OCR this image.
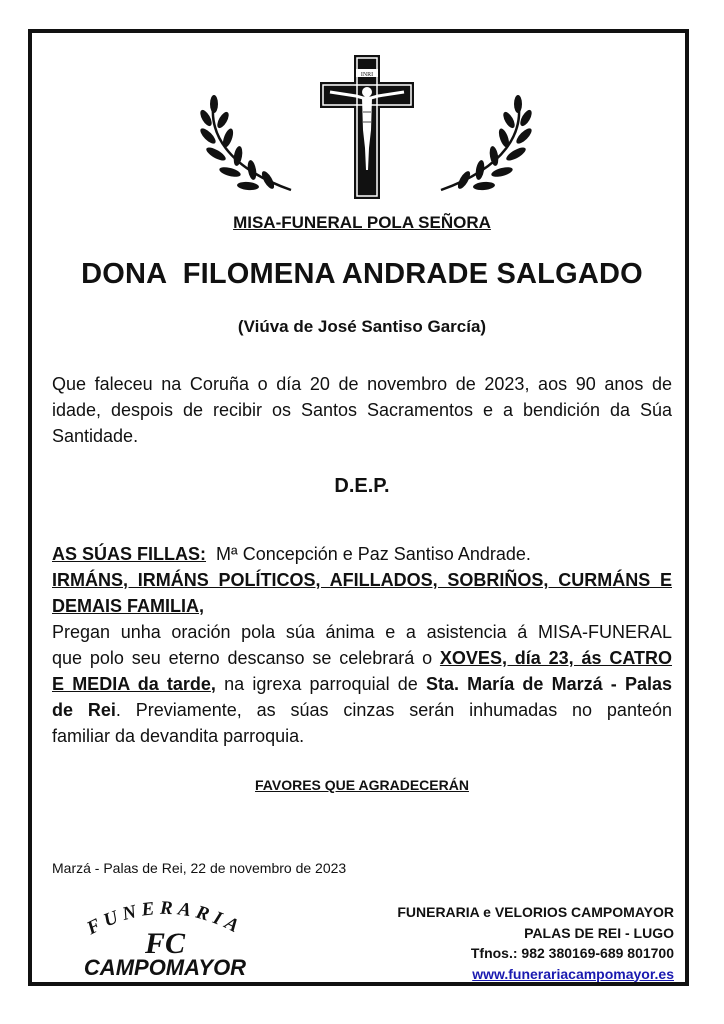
INRI
MISA-FUNERAL POLA SEÑORA
DONA  FILOMENA ANDRADE SALGADO
(Viúva de José Santiso García)
Que faleceu na Coruña o día 20 de novembro de 2023, aos 90 anos de
idade, despois de recibir os Santos Sacramentos e a bendición da Súa
Santidade.
D.E.P.
AS SÚAS FILLAS: Mª Concepción e Paz Santiso Andrade.
IRMÁNS, IRMÁNS POLÍTICOS, AFILLADOS, SOBRIÑOS, CURMÁNS E
DEMAIS FAMILIA,
Pregan unha oración pola súa ánima e a asistencia á MISA-FUNERAL
que polo seu eterno descanso se celebrará o XOVES, día 23, ás CATRO
E MEDIA da tarde, na igrexa parroquial de Sta. María de Marzá - Palas
de Rei. Previamente, as súas cinzas serán inhumadas no panteón
familiar da devandita parroquia.
FAVORES QUE AGRADECERÁN
Marzá - Palas de Rei, 22 de novembro de 2023
FUNERARIA
FC
CAMPOMAYOR
FUNERARIA e VELORIOS CAMPOMAYOR
PALAS DE REI - LUGO
Tfnos.: 982 380169-689 801700
www.funerariacampomayor.es
